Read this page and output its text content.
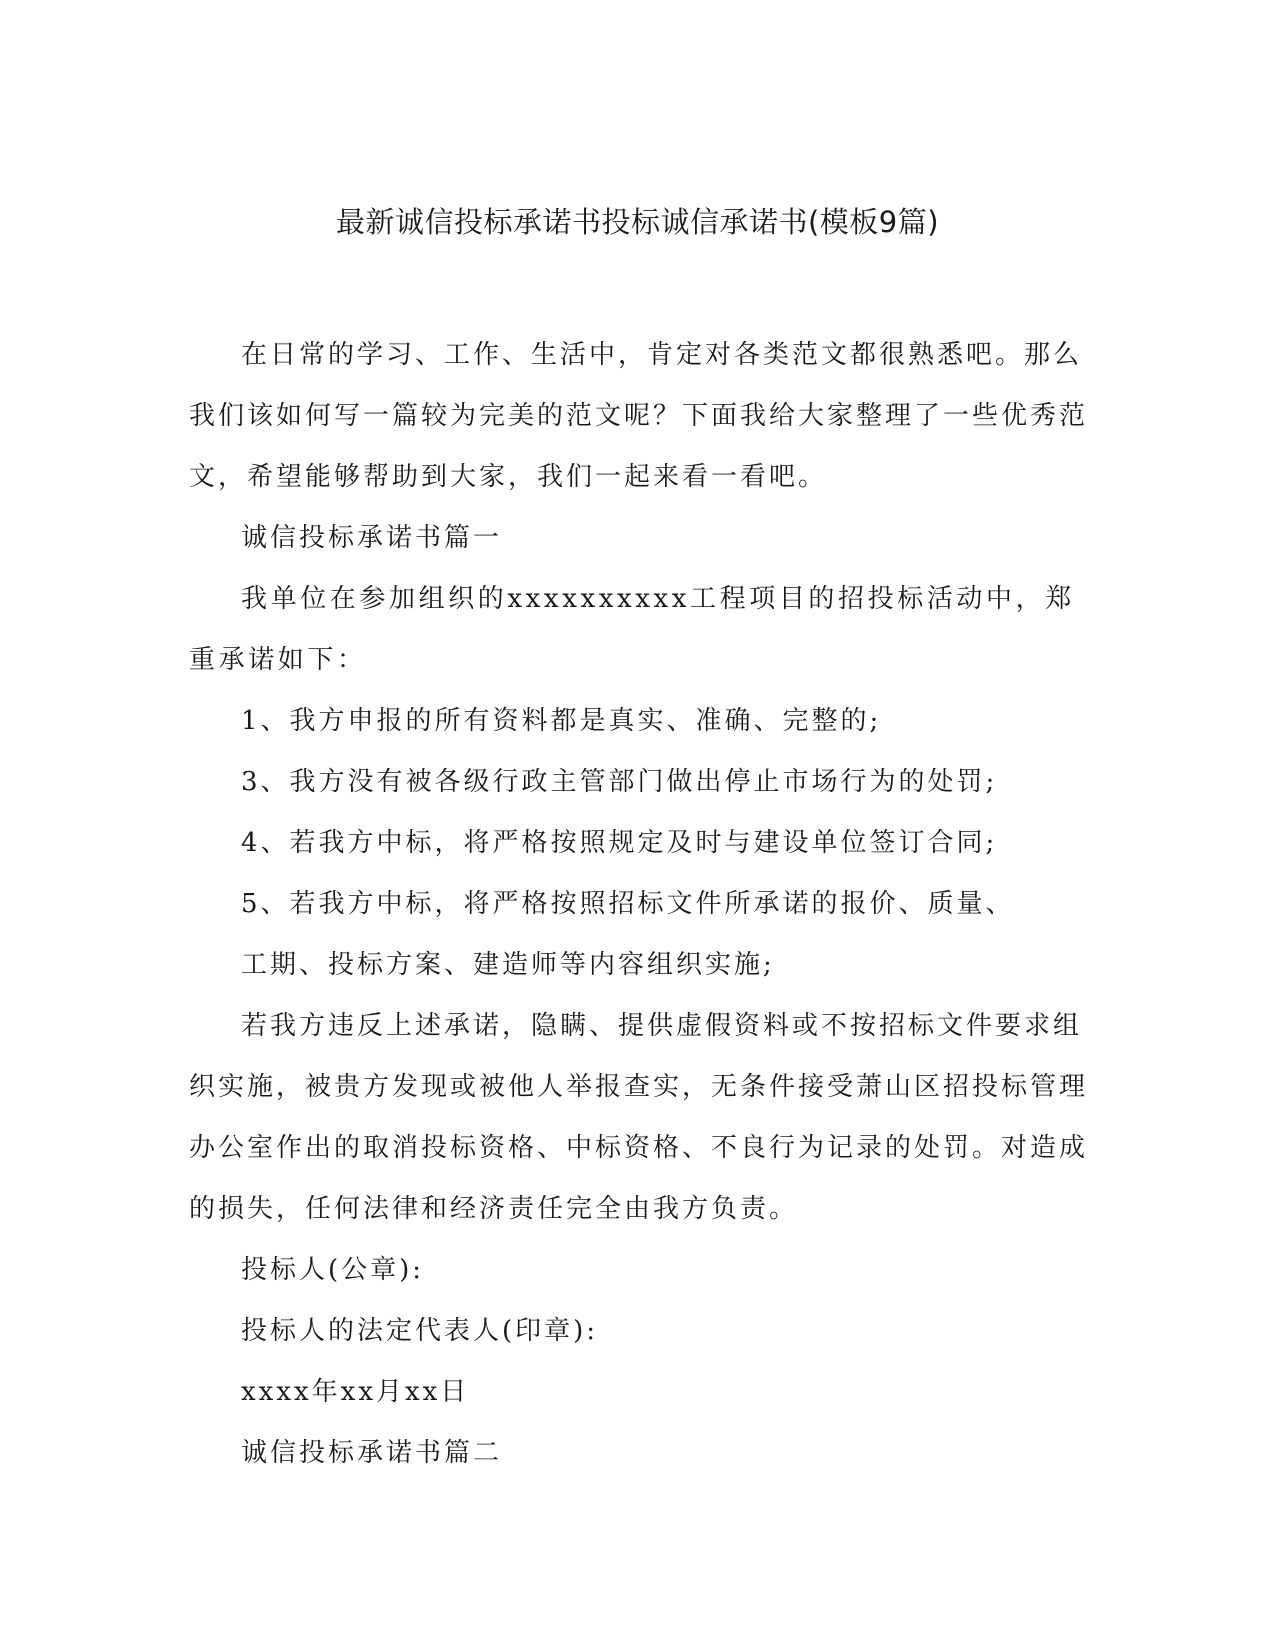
最新诚信投标承诺书投标诚信承诺书(模板9篇)

在日常的学习、工作、生活中，肯定对各类范文都很熟悉吧。那么我们该如何写一篇较为完美的范文呢？下面我给大家整理了一些优秀范文，希望能够帮助到大家，我们一起来看一看吧。

诚信投标承诺书篇一

我单位在参加组织的xxxxxxxxxx工程项目的招投标活动中，郑重承诺如下：

1、我方申报的所有资料都是真实、准确、完整的;

3、我方没有被各级行政主管部门做出停止市场行为的处罚;

4、若我方中标，将严格按照规定及时与建设单位签订合同;

5、若我方中标，将严格按照招标文件所承诺的报价、质量、

工期、投标方案、建造师等内容组织实施;

若我方违反上述承诺，隐瞒、提供虚假资料或不按招标文件要求组织实施，被贵方发现或被他人举报查实，无条件接受萧山区招投标管理办公室作出的取消投标资格、中标资格、不良行为记录的处罚。对造成的损失，任何法律和经济责任完全由我方负责。

投标人(公章):

投标人的法定代表人(印章):

xxxx年xx月xx日

诚信投标承诺书篇二
